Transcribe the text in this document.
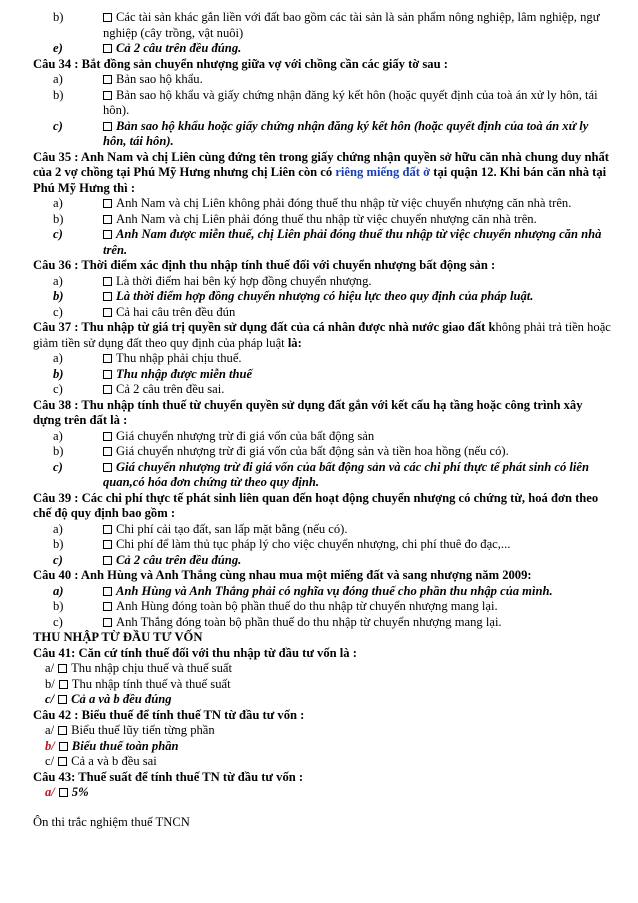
b)	Các tài sản khác gắn liền với đất bao gồm các tài sản là sản phẩm nông nghiệp, lâm nghiệp, ngư nghiệp (cây trồng, vật nuôi)
e)	Cả 2 câu trên đều đúng.

Câu 34 : Bắt đồng sản chuyển nhượng giữa vợ với chồng cần các giấy tờ sau :

a)	Bản sao hộ khẩu.
b)	Bản sao hộ khẩu và giấy chứng nhận đăng ký kết hôn (hoặc quyết định của toà án xử ly hôn, tái hôn).
c)	Bản sao hộ khẩu hoặc giấy chứng nhận đăng ký kết hôn (hoặc quyết định của toà án xử ly hôn, tái hôn).

Câu 35 : Anh Nam và chị Liên cùng đứng tên trong giấy chứng nhận quyền sở hữu căn nhà chung duy nhất của 2 vợ chồng tại Phú Mỹ Hưng nhưng chị Liên còn có riêng miếng đất ở tại quận 12. Khi bán căn nhà tại Phú Mỹ Hưng thì :

a)	Anh Nam và chị Liên không phải đóng thuế thu nhập từ việc chuyển nhượng căn nhà trên.
b)	Anh Nam và chị Liên phải đóng thuế thu nhập từ việc chuyển nhượng căn nhà trên.
c)	Anh Nam được miễn thuế, chị Liên phải đóng thuế thu nhập từ việc chuyển nhượng căn nhà trên.

Câu 36 : Thời điểm xác định thu nhập tính thuế đối với chuyển nhượng bất động sản :

a)	Là thời điểm hai bên ký hợp đồng chuyển nhượng.
b)	Là thời điểm hợp đồng chuyển nhượng có hiệu lực theo quy định của pháp luật.
c)	Cả hai câu trên đều đún

Câu 37 : Thu nhập từ giá trị quyền sử dụng đất của cá nhân được nhà nước giao đất không phải trả tiền hoặc giảm tiền sử dụng đất theo quy định của pháp luật là:

a)	Thu nhập phải chịu thuế.
b)	Thu nhập được miễn thuế
c)	Cả 2 câu trên đều sai.

Câu 38 : Thu nhập tính thuế từ chuyển quyền sử dụng đất gắn với kết cấu hạ tầng hoặc công trình xây dựng trên đất là :

a)	Giá chuyển nhượng trừ đi giá vốn của bất động sản
b)	Giá chuyển nhượng trừ đi giá vốn của bất động sản và tiền hoa hồng (nếu có).
c)	Giá chuyển nhượng trừ đi giá vốn của bất động sản và các chi phí thực tế phát sinh có liên quan,có hóa đơn chứng từ theo quy định.

Câu 39 : Các chi phí thực tế phát sinh liên quan đến hoạt động chuyển nhượng có chứng từ, hoá đơn theo chế độ quy định bao gồm :

a)	Chi phí cải tạo đất, san lấp mặt bằng (nếu có).
b)	Chi phí để làm thủ tục pháp lý cho việc chuyển nhượng, chi phí thuê đo đạc,...
c)	Cả 2 câu trên đều đúng.

Câu 40 : Anh Hùng và Anh Thắng cùng nhau mua một miếng đất và sang nhượng năm 2009:

a)	Anh Hùng và Anh Thắng phải có nghĩa vụ đóng thuế cho phần thu nhập của mình.
b)	Anh Hùng đóng toàn bộ phần thuế do thu nhập từ chuyển nhượng mang lại.
c)	Anh Thắng đóng toàn bộ phần thuế do thu nhập từ chuyển nhượng mang lại.

THU NHẬP TỪ ĐẦU TƯ VỐN

Câu 41: Căn cứ tính thuế đối với thu nhập từ đầu tư vốn là :

a/	Thu nhập chịu thuế và thuế suất
b/	Thu nhập tính thuế và thuế suất
c/	Cả a và b đều đúng

Câu 42 : Biểu thuế để tính thuế TN từ đầu tư vốn :

a/	Biểu thuế lũy tiến từng phần
b/	Biểu thuế toàn phần
c/	Cả a và b đều sai

Câu 43: Thuế suất để tính thuế TN từ đầu tư vốn :

a/	5%

Ôn thi trắc nghiệm thuế TNCN
